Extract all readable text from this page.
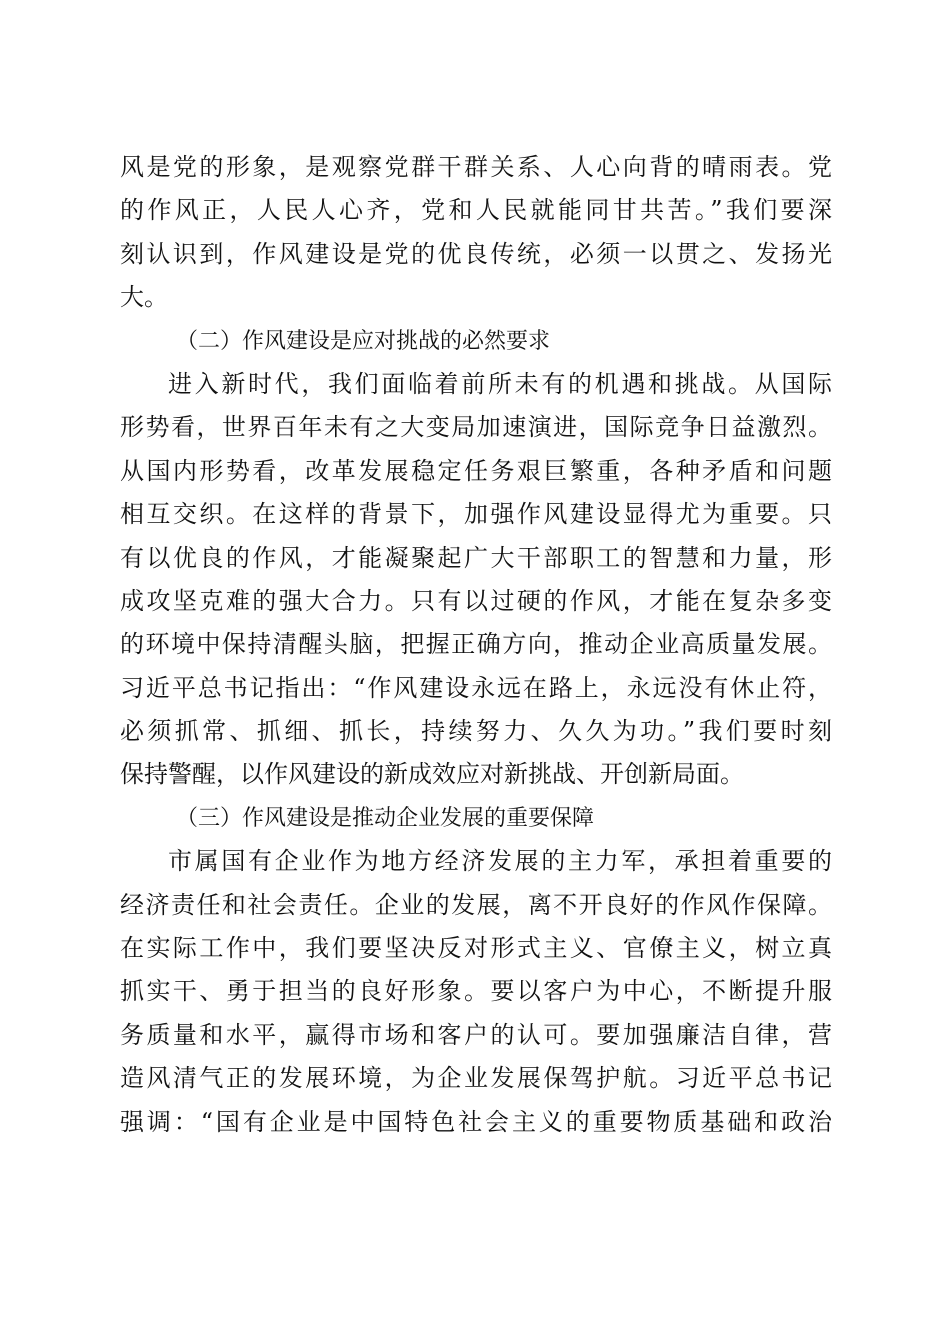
风是党的形象，是观察党群干群关系、人心向背的晴雨表。党
的作风正，人民人心齐，党和人民就能同甘共苦。”我们要深
刻认识到，作风建设是党的优良传统，必须一以贯之、发扬光
大。
（二）作风建设是应对挑战的必然要求
进入新时代，我们面临着前所未有的机遇和挑战。从国际
形势看，世界百年未有之大变局加速演进，国际竞争日益激烈。
从国内形势看，改革发展稳定任务艰巨繁重，各种矛盾和问题
相互交织。在这样的背景下，加强作风建设显得尤为重要。只
有以优良的作风，才能凝聚起广大干部职工的智慧和力量，形
成攻坚克难的强大合力。只有以过硬的作风，才能在复杂多变
的环境中保持清醒头脑，把握正确方向，推动企业高质量发展。
习近平总书记指出：“作风建设永远在路上，永远没有休止符，
必须抓常、抓细、抓长，持续努力、久久为功。”我们要时刻
保持警醒，以作风建设的新成效应对新挑战、开创新局面。
（三）作风建设是推动企业发展的重要保障
市属国有企业作为地方经济发展的主力军，承担着重要的
经济责任和社会责任。企业的发展，离不开良好的作风作保障。
在实际工作中，我们要坚决反对形式主义、官僚主义，树立真
抓实干、勇于担当的良好形象。要以客户为中心，不断提升服
务质量和水平，赢得市场和客户的认可。要加强廉洁自律，营
造风清气正的发展环境，为企业发展保驾护航。习近平总书记
强调：“国有企业是中国特色社会主义的重要物质基础和政治
